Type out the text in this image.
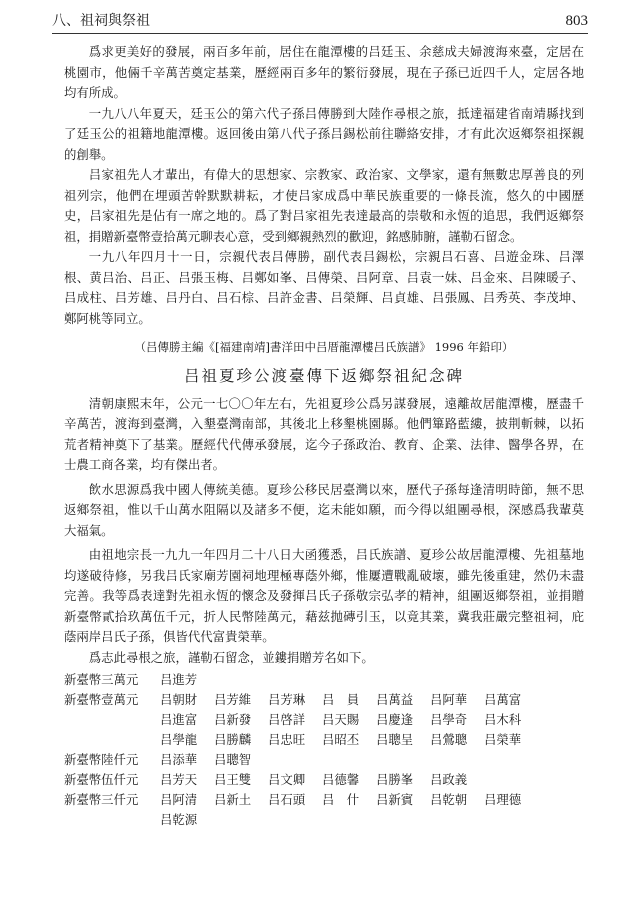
八、祖祠與祭祖	803

爲求更美好的發展，兩百多年前，居住在龍潭樓的吕廷玉、余慈成夫婦渡海來臺，定居在桃園市，他倆千辛萬苦奠定基業，歷經兩百多年的繁衍發展，現在子孫已近四千人，定居各地均有所成。

一九八八年夏天，廷玉公的第六代子孫吕傳勝到大陸作尋根之旅，抵達福建省南靖縣找到了廷玉公的祖籍地龍潭樓。返回後由第八代子孫吕錫松前往聯絡安排，才有此次返鄉祭祖探親的創舉。

吕家祖先人才輩出，有偉大的思想家、宗教家、政治家、文學家，還有無數忠厚善良的列祖列宗，他們在埋頭苦幹默默耕耘，才使吕家成爲中華民族重要的一條長流，悠久的中國歷史，吕家祖先是佔有一席之地的。爲了對吕家祖先表達最高的崇敬和永恆的追思，我們返鄉祭祖，捐贈新臺幣壹拾萬元聊表心意，受到鄉親熱烈的歡迎，銘感肺腑，謹勒石留念。

一九八年四月十一日，宗親代表吕傳勝，副代表吕錫松，宗親吕石喜、吕遊金珠、吕澤根、黄吕治、吕正、吕張玉梅、吕鄭如峯、吕傳榮、吕阿章、吕袁一妹、吕金來、吕陳暖子、吕成柱、吕芳雄、吕丹白、吕石棕、吕許金書、吕榮輝、吕貞雄、吕張鳳、吕秀英、李茂坤、鄭阿桃等同立。

（吕傳勝主編《[福建南靖]書洋田中吕厝龍潭樓吕氏族譜》 1996 年鉛印）

吕祖夏珍公渡臺傳下返鄉祭祖紀念碑

清朝康熙末年，公元一七〇〇年左右，先祖夏珍公爲另謀發展，遠離故居龍潭樓，歷盡千辛萬苦，渡海到臺灣，入墾臺灣南部，其後北上移墾桃園縣。他們篳路藍縷，披荆斬棘，以拓荒者精神奠下了基業。歷經代代傳承發展，迄今子孫政治、教育、企業、法律、醫學各界，在士農工商各業，均有傑出者。

飲水思源爲我中國人傳統美德。夏珍公移民居臺灣以來，歷代子孫每逢清明時節，無不思返鄉祭祖，惟以千山萬水阻隔以及諸多不便，迄未能如願，而今得以組團尋根，深感爲我輩莫大福氣。

由祖地宗長一九九一年四月二十八日大函獲悉，吕氏族譜、夏珍公故居龍潭樓、先祖墓地均遂破待修，另我吕氏家廟芳園祠地理極專蔭外鄉，惟屢遭戰亂破壞，雖先後重建，然仍未盡完善。我等爲表達對先祖永恆的懷念及發揮吕氏子孫敬宗弘孝的精神，組團返鄉祭祖，並捐贈新臺幣貳拾玖萬伍千元，折人民幣陸萬元，藉兹抛磚引玉，以竟其業，冀我莊嚴完整祖祠，庇蔭兩岸吕氏子孫，俱皆代代富貴榮華。

爲志此尋根之旅，謹勒石留念，並鏤捐贈芳名如下。

新臺幣三萬元	吕進芳
新臺幣壹萬元	吕朝財	吕芳維	吕芳琳	吕　員	吕萬益	吕阿華	吕萬富
吕進富	吕新發	吕啓詳	吕天賜	吕慶逢	吕學奇	吕木科
吕學龍	吕勝麟	吕忠旺	吕昭丕	吕聰呈	吕鶯聰	吕榮華
新臺幣陸仟元	吕添華	吕聰智
新臺幣伍仟元	吕芳天	吕王雙	吕文卿	吕德馨	吕勝峯	吕政義
新臺幣三仟元	吕阿清	吕新土	吕石頭	吕　什	吕新賓	吕乾朝	吕理德
吕乾源
